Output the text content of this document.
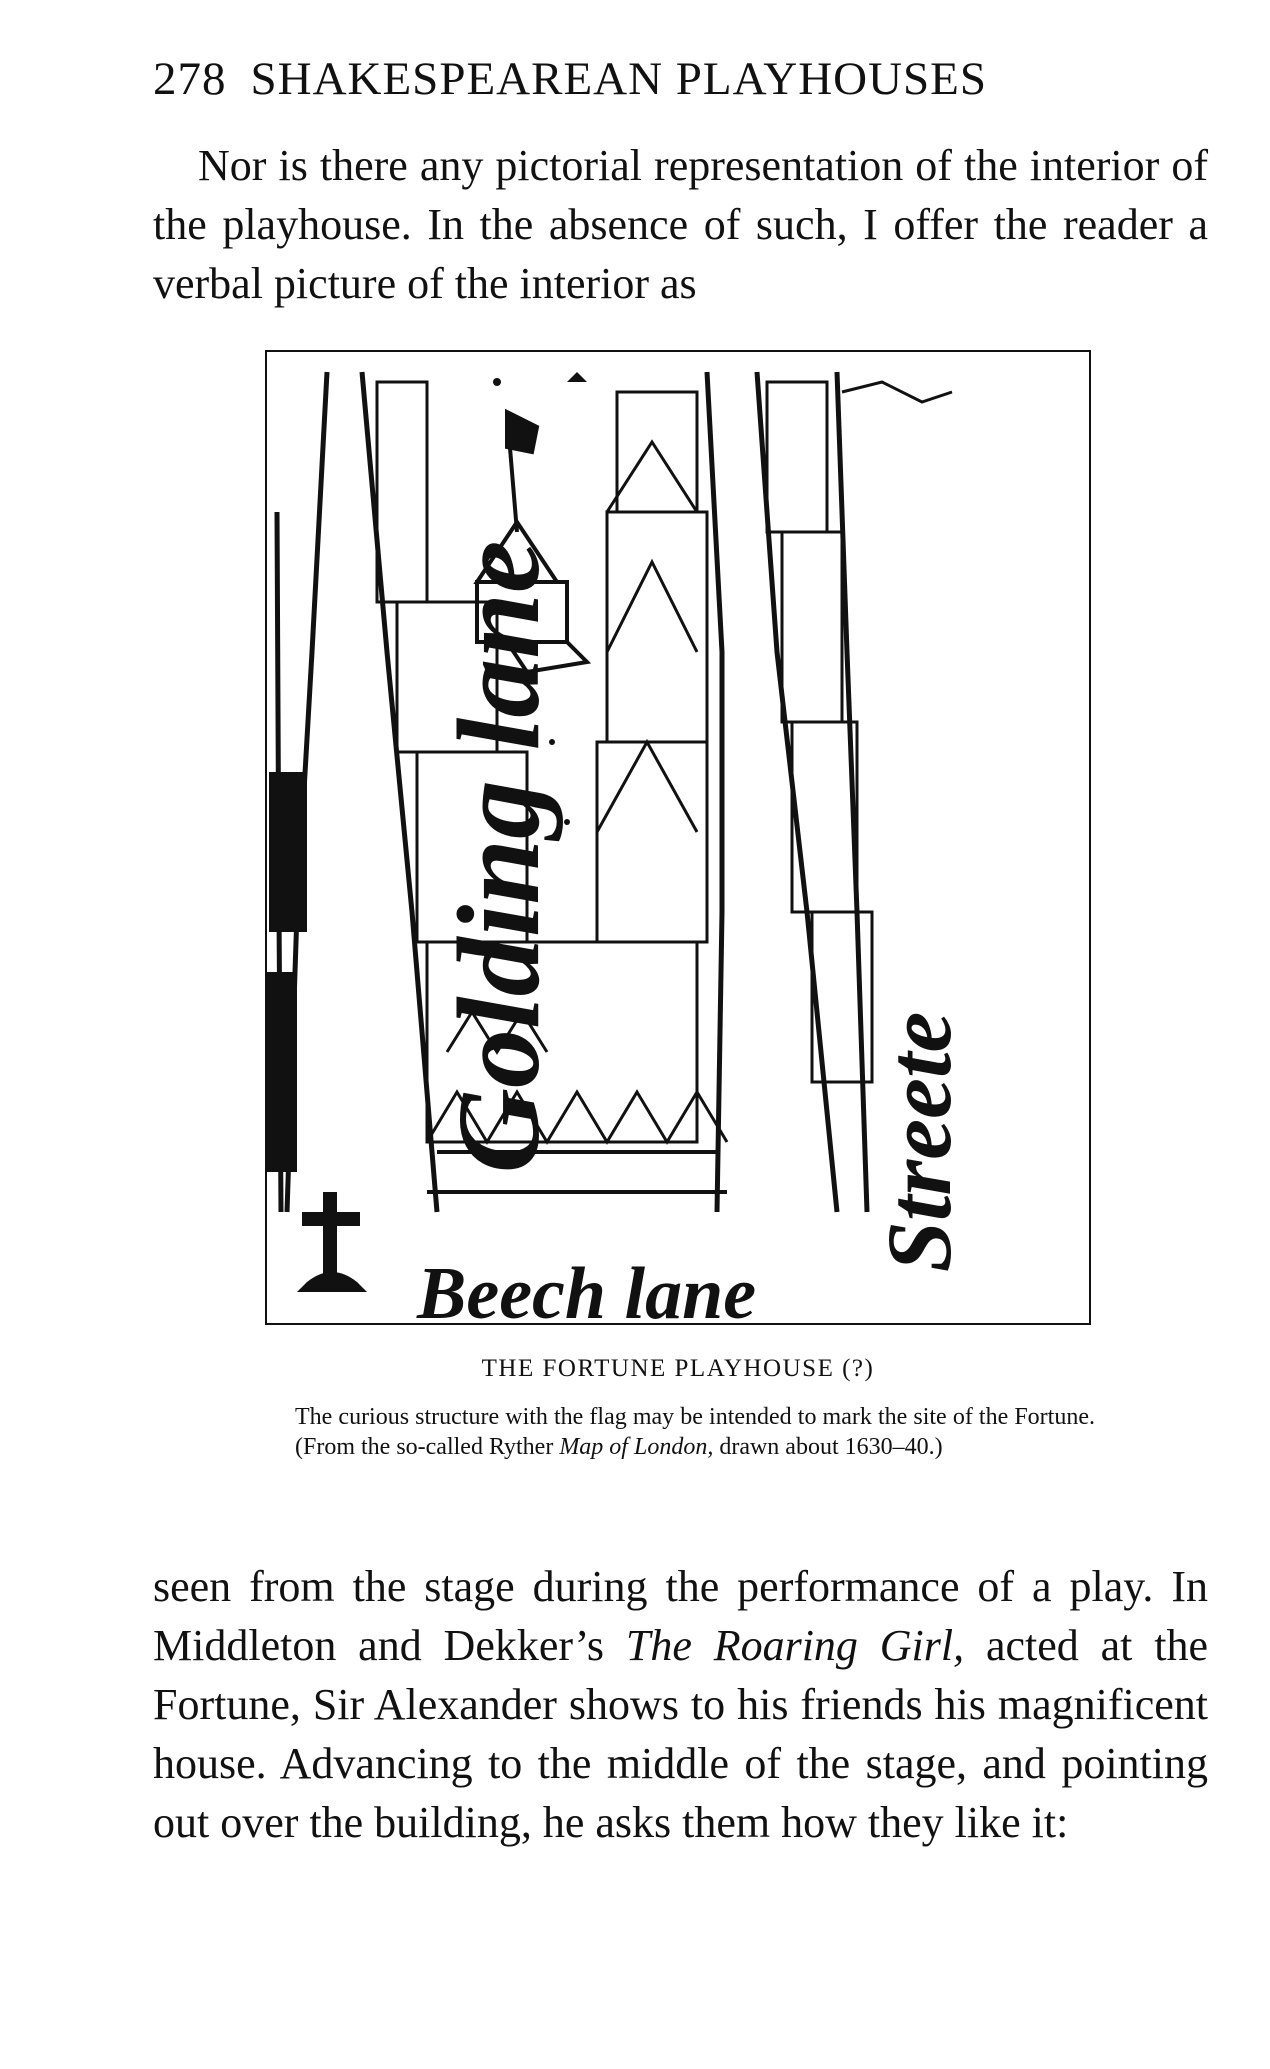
278 SHAKESPEAREAN PLAYHOUSES

Nor is there any pictorial representation of the interior of the playhouse. In the absence of such, I offer the reader a verbal picture of the interior as

Golding lane
Beech lane
Streete
THE FORTUNE PLAYHOUSE (?)

The curious structure with the flag may be intended to mark the site of the Fortune. (From the so-called Ryther Map of London, drawn about 1630–40.)

seen from the stage during the performance of a play. In Middleton and Dekker’s The Roaring Girl, acted at the Fortune, Sir Alexander shows to his friends his magnificent house. Advancing to the middle of the stage, and pointing out over the building, he asks them how they like it:
